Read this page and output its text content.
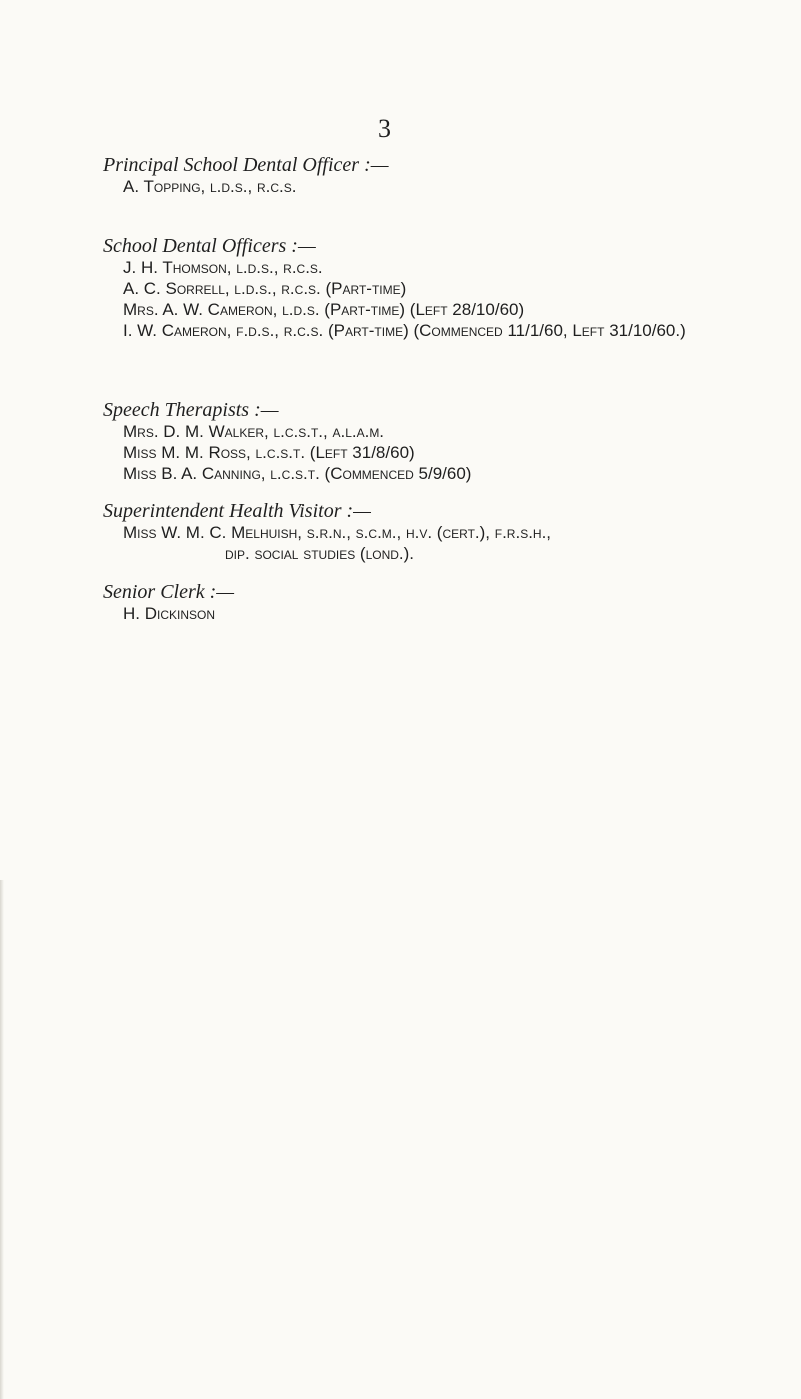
3
Principal School Dental Officer :—
A. Topping, l.d.s., r.c.s.
School Dental Officers :—
J. H. Thomson, l.d.s., r.c.s.
A. C. Sorrell, l.d.s., r.c.s. (Part-time)
Mrs. A. W. Cameron, l.d.s. (Part-time) (Left 28/10/60)
I. W. Cameron, f.d.s., r.c.s. (Part-time) (Commenced 11/1/60, Left 31/10/60.)
Speech Therapists :—
Mrs. D. M. Walker, l.c.s.t., a.l.a.m.
Miss M. M. Ross, l.c.s.t. (Left 31/8/60)
Miss B. A. Canning, l.c.s.t. (Commenced 5/9/60)
Superintendent Health Visitor :—
Miss W. M. C. Melhuish, s.r.n., s.c.m., h.v. (cert.), f.r.s.h.,
dip. social studies (lond.).
Senior Clerk :—
H. Dickinson
